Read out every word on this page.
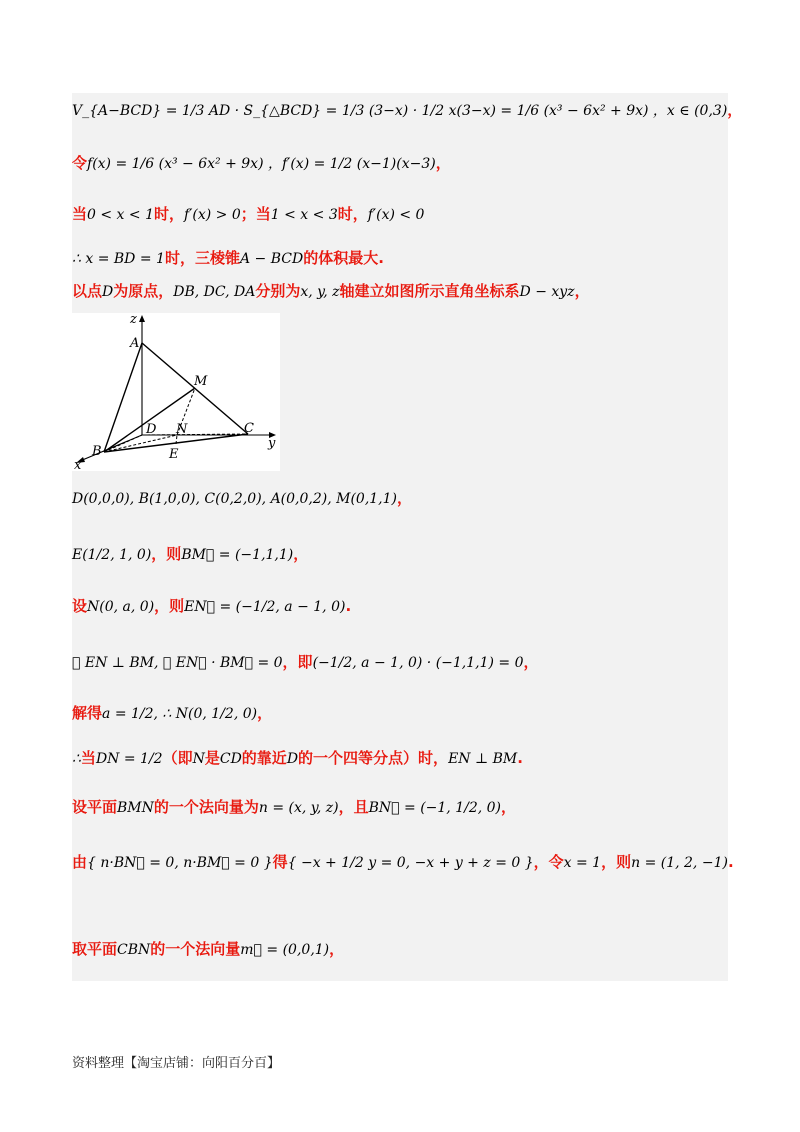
V_{A−BCD} = 1/3 AD · S_{△BCD} = 1/3 (3−x) · 1/2 x(3−x) = 1/6 (x³ − 6x² + 9x) ，x ∈ (0,3)，
令f(x) = 1/6 (x³ − 6x² + 9x) ，f′(x) = 1/2 (x−1)(x−3)，
当0 < x < 1时，f′(x) > 0；当1 < x < 3时，f′(x) < 0
∴ x = BD = 1时，三棱锥A − BCD的体积最大.
以点D为原点，DB, DC, DA分别为x, y, z轴建立如图所示直角坐标系D − xyz，
D(0,0,0), B(1,0,0), C(0,2,0), A(0,0,2), M(0,1,1)，
E(1/2, 1, 0)，则BM⃗ = (−1,1,1)，
设N(0, a, 0)，则EN⃗ = (−1/2, a − 1, 0).
∵ EN ⊥ BM, ∴ EN⃗ · BM⃗ = 0，即(−1/2, a − 1, 0) · (−1,1,1) = 0，
解得a = 1/2, ∴ N(0, 1/2, 0)，
∴当DN = 1/2（即N是CD的靠近D的一个四等分点）时，EN ⊥ BM.
设平面BMN的一个法向量为n = (x, y, z)，且BN⃗ = (−1, 1/2, 0)，
由{ n·BN⃗ = 0, n·BM⃗ = 0 }得{ −x + 1/2 y = 0, −x + y + z = 0 }，令x = 1，则n = (1, 2, −1).
取平面CBN的一个法向量m⃗ = (0,0,1)，
z
A
M
D N	C
y
B	E
x
资料整理【淘宝店铺：向阳百分百】
